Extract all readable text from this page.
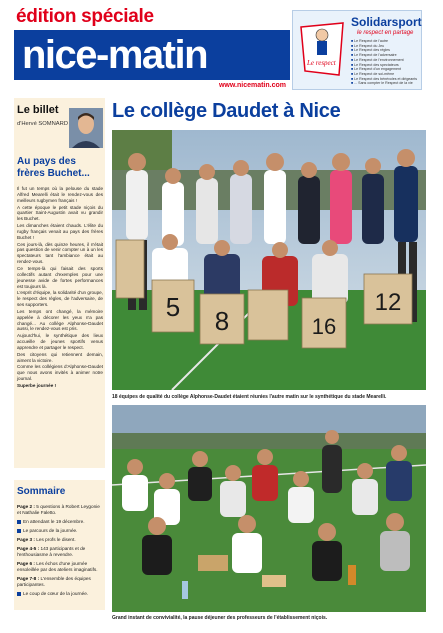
édition spéciale
nice-matin
www.nicematin.com
Le respect
Solidarsport
le respect en partage
■ Le Respect de l'autre
■ Le Respect du Jeu
■ Le Respect des règles
■ Le Respect de l'adversaire
■ Le Respect de l'environnement
■ Le Respect des spectateurs
■ Le Respect d'un engagement
■ Le Respect de soi-même
■ Le Respect des bénévoles et dirigeants
■ ... Sans compter le Respect de la vie
Le billet
d'Hervé SOMNARD
Au pays des frères Buchet...

Il fut un temps où la pelouse du stade Alfred Mearelli était le rendez-vous des meilleurs rugbymen français !

A cette époque le petit stade niçois du quartier Saint-Augustin avait vu grandir les Buchet.

Les dimanches étaient chauds. L'élite du rugby français venait au pays des frères Buchet !

Ces jours-là, dès quinze heures, il n'était pas question de venir compter un à un les spectateurs tant l'ambiance était au rendez-vous.

Ce temps-là qui faisait des sports collectifs autant d'exemples pour une jeunesse avide de fortes performances est toujours là.

L'esprit d'équipe, la solidarité d'un groupe, le respect des règles, de l'adversaire, de ses supporters.

Les temps ont changé, la mémoire appelée à décorer les yeux n'a pas changé... Au collège Alphonse-Daudet aussi, le rendez-vous est pris.

Aujourd'hui, le synthétique des lieux accueille de jeunes sportifs venus apprendre et partager le respect.

Des citoyens qui retiennent demain, aiment la victoire.

Comme les collégiens d'Alphonse-Daudet que nous avons invités à animer notre journal.

Superbe journée !

Sommaire
Page 2 : 5 questions à Robert Leygonie et Nathalie Faletto.
En attendant le 19 décembre.
Le parcours de la journée.
Page 3 : Les profs le disent.
Page 4-5 : 143 participants et de l'enthousiasme à revendre.
Page 6 : Les échos d'une journée ensoleillée par des ateliers imaginatifs.
Page 7-8 : L'ensemble des équipes participantes.
Le coup de cœur de la journée.
Le collège Daudet à Nice
5 8	16
12
18 équipes de qualité du collège Alphonse-Daudet étaient réunies l'autre matin sur le synthétique du stade Mearelli.
Grand instant de convivialité, la pause déjeuner des professeurs de l'établissement niçois.
